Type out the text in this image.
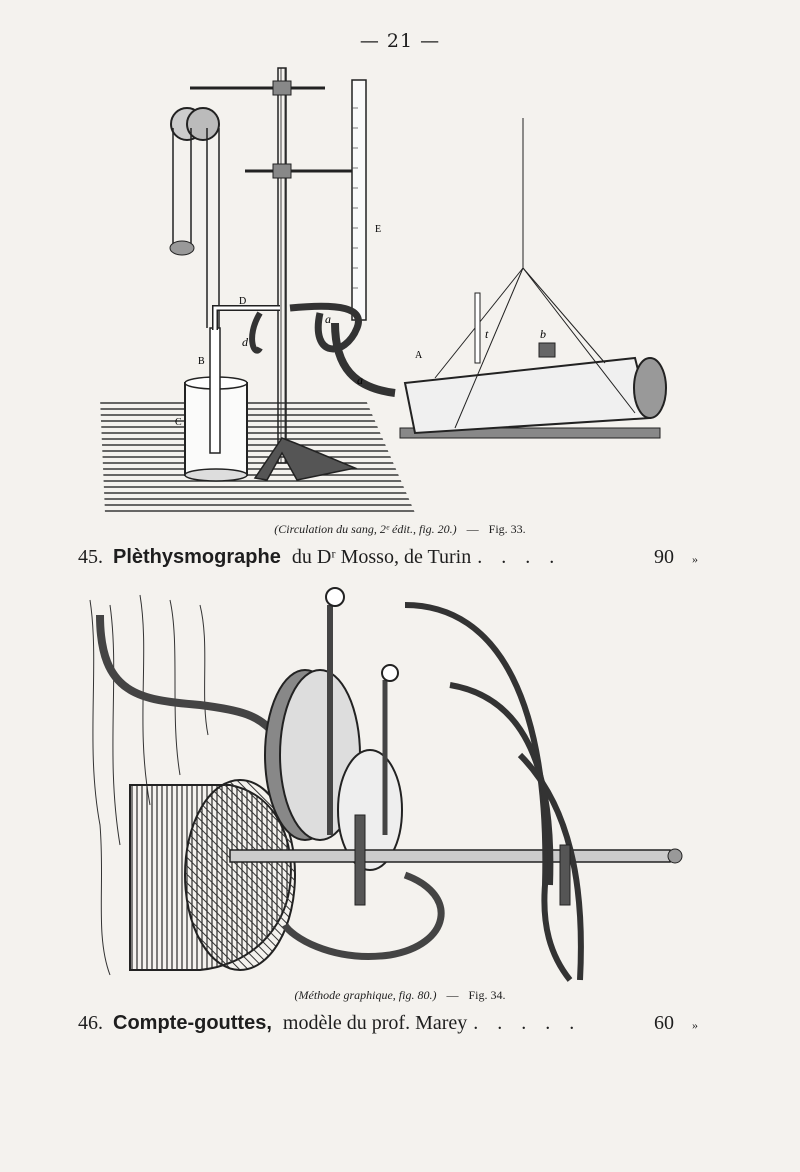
— 21 —
E
D
a
a
d
t	b
A
B
C
(Circulation du sang, 2ᵉ édit., fig. 20.) — Fig. 33.
45. Plèthysmographe du Dʳ Mosso, de Turin . . . .	90 »
(Méthode graphique, fig. 80.) — Fig. 34.
46. Compte-gouttes, modèle du prof. Marey . . . . .	60 »
